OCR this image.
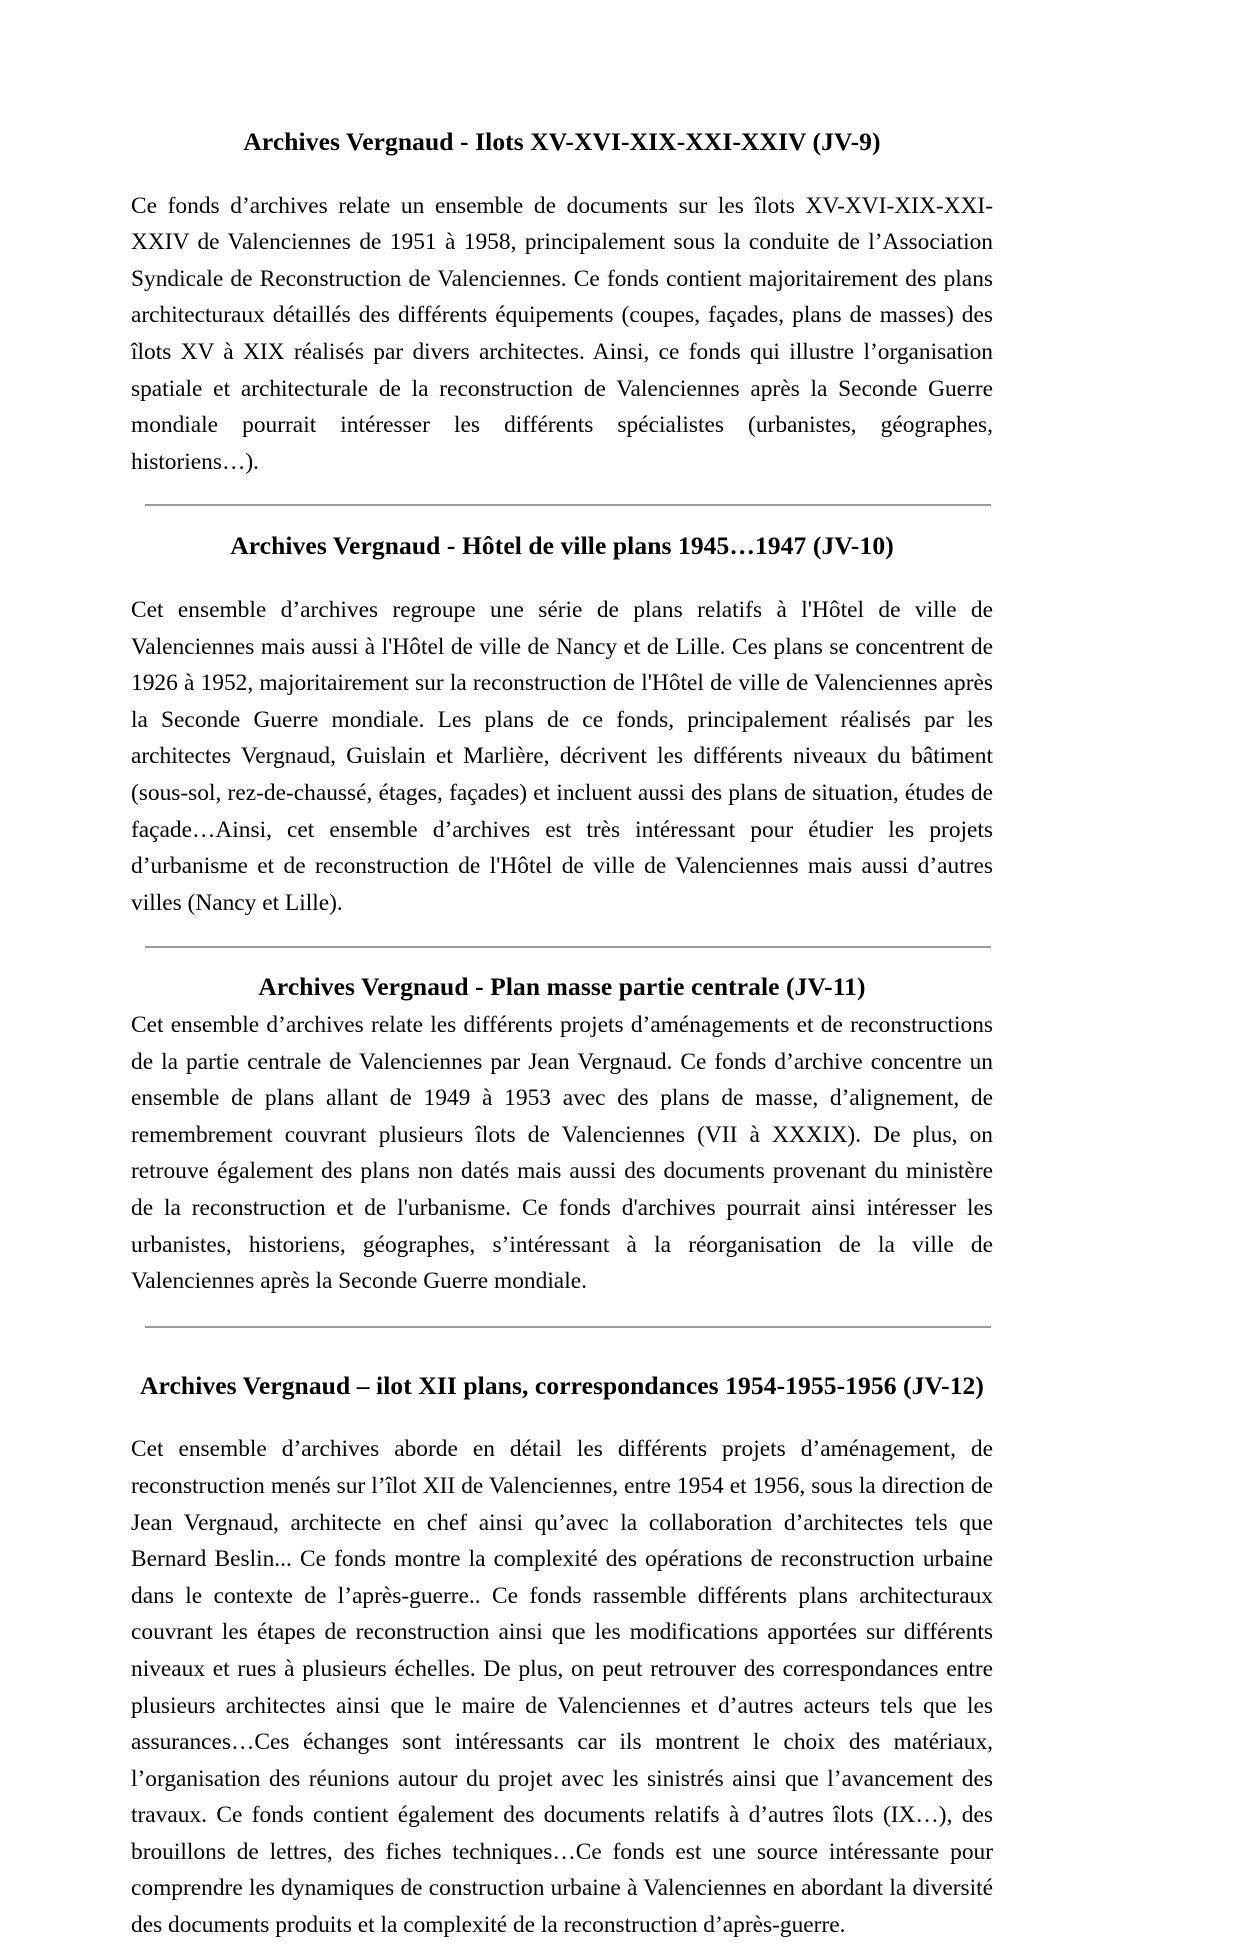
Archives Vergnaud - Ilots XV-XVI-XIX-XXI-XXIV (JV-9)

Ce fonds d’archives relate un ensemble de documents sur les îlots XV-XVI-XIX-XXI-XXIV de Valenciennes de 1951 à 1958, principalement sous la conduite de l’Association Syndicale de Reconstruction de Valenciennes. Ce fonds contient majoritairement des plans architecturaux détaillés des différents équipements (coupes, façades, plans de masses) des îlots XV à XIX réalisés par divers architectes. Ainsi, ce fonds qui illustre l’organisation spatiale et architecturale de la reconstruction de Valenciennes après la Seconde Guerre mondiale pourrait intéresser les différents spécialistes (urbanistes, géographes, historiens…).

Archives Vergnaud - Hôtel de ville plans 1945…1947 (JV-10)

Cet ensemble d’archives regroupe une série de plans relatifs à l'Hôtel de ville de Valenciennes mais aussi à l'Hôtel de ville de Nancy et de Lille. Ces plans se concentrent de 1926 à 1952, majoritairement sur la reconstruction de l'Hôtel de ville de Valenciennes après la Seconde Guerre mondiale. Les plans de ce fonds, principalement réalisés par les architectes Vergnaud, Guislain et Marlière, décrivent les différents niveaux du bâtiment (sous-sol, rez-de-chaussé, étages, façades) et incluent aussi des plans de situation, études de façade…Ainsi, cet ensemble d’archives est très intéressant pour étudier les projets d’urbanisme et de reconstruction de l'Hôtel de ville de Valenciennes mais aussi d’autres villes (Nancy et Lille).

Archives Vergnaud - Plan masse partie centrale (JV-11)

Cet ensemble d’archives relate les différents projets d’aménagements et de reconstructions de la partie centrale de Valenciennes par Jean Vergnaud. Ce fonds d’archive concentre un ensemble de plans allant de 1949 à 1953 avec des plans de masse, d’alignement, de remembrement couvrant plusieurs îlots de Valenciennes (VII à XXXIX). De plus, on retrouve également des plans non datés mais aussi des documents provenant du ministère de la reconstruction et de l'urbanisme. Ce fonds d'archives pourrait ainsi intéresser les urbanistes, historiens, géographes, s’intéressant à la réorganisation de la ville de Valenciennes après la Seconde Guerre mondiale.

Archives Vergnaud – ilot XII plans, correspondances 1954-1955-1956 (JV-12)

Cet ensemble d’archives aborde en détail les différents projets d’aménagement, de reconstruction menés sur l’îlot XII de Valenciennes, entre 1954 et 1956, sous la direction de Jean Vergnaud, architecte en chef ainsi qu’avec la collaboration d’architectes tels que Bernard Beslin... Ce fonds montre la complexité des opérations de reconstruction urbaine dans le contexte de l’après-guerre.. Ce fonds rassemble différents plans architecturaux couvrant les étapes de reconstruction ainsi que les modifications apportées sur différents niveaux et rues à plusieurs échelles. De plus, on peut retrouver des correspondances entre plusieurs architectes ainsi que le maire de Valenciennes et d’autres acteurs tels que les assurances…Ces échanges sont intéressants car ils montrent le choix des matériaux, l’organisation des réunions autour du projet avec les sinistrés ainsi que l’avancement des travaux. Ce fonds contient également des documents relatifs à d’autres îlots (IX…), des brouillons de lettres, des fiches techniques…Ce fonds est une source intéressante pour comprendre les dynamiques de construction urbaine à Valenciennes en abordant la diversité des documents produits et la complexité de la reconstruction d’après-guerre.
